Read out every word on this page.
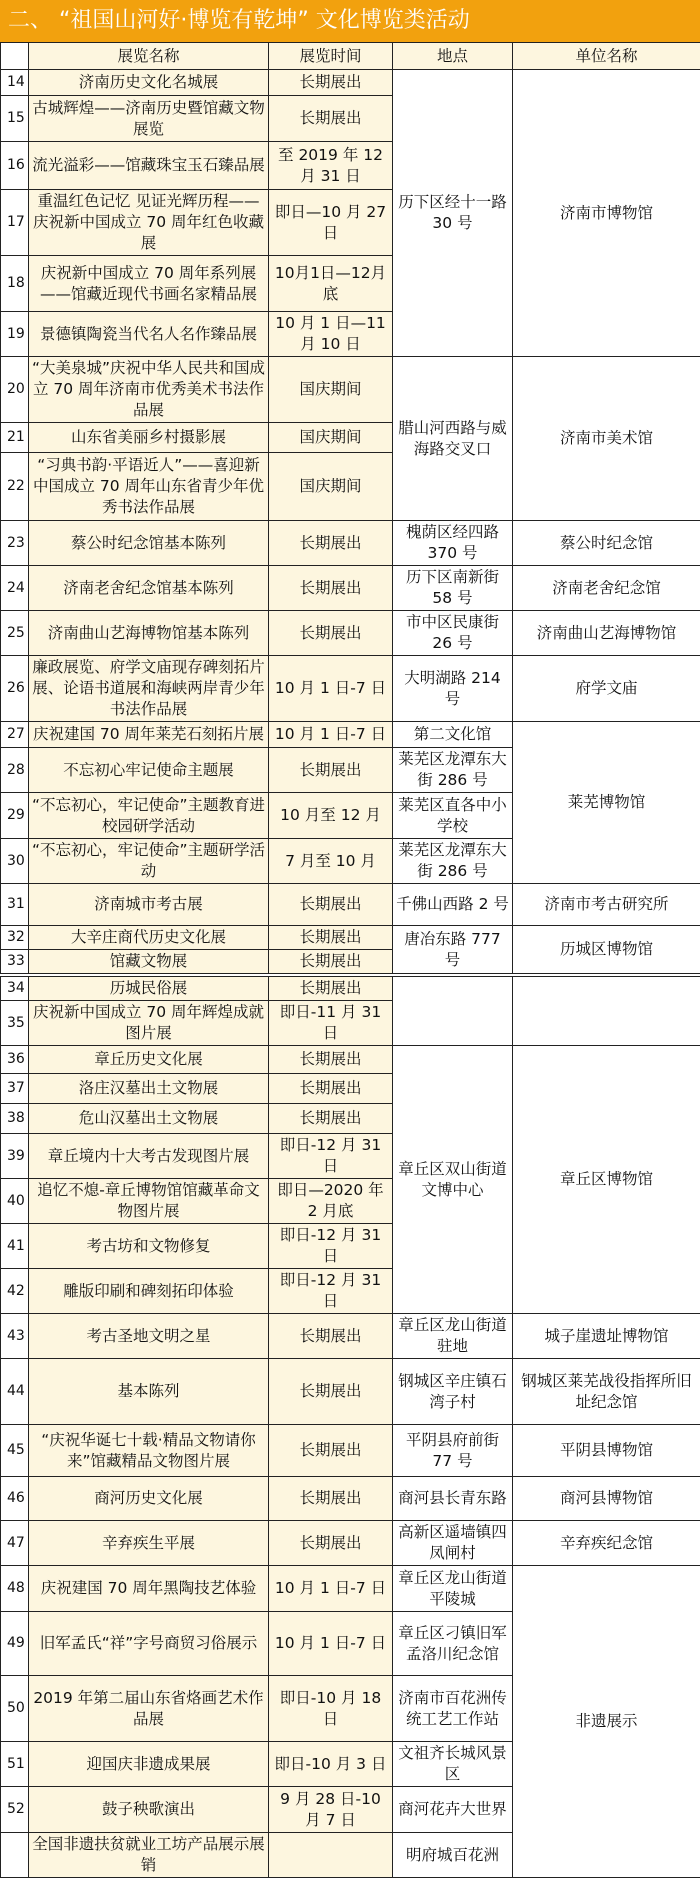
二、 “祖国山河好·博览有乾坤” 文化博览类活动
	展览名称	展览时间	地点	单位名称
14	济南历史文化名城展	长期展出	历下区经十一路 30 号	济南市博物馆
15	古城辉煌——济南历史暨馆藏文物展览	长期展出		
16	流光溢彩——馆藏珠宝玉石臻品展	至 2019 年 12 月 31 日		
17	重温红色记忆 见证光辉历程——庆祝新中国成立 70 周年红色收藏展	即日—10 月 27 日		
18	庆祝新中国成立 70 周年系列展——馆藏近现代书画名家精品展	10月1日—12月底		
19	景德镇陶瓷当代名人名作臻品展	10 月 1 日—11 月 10 日		
20	“大美泉城”庆祝中华人民共和国成立 70 周年济南市优秀美术书法作品展	国庆期间	腊山河西路与威海路交叉口	济南市美术馆
21	山东省美丽乡村摄影展	国庆期间		
22	“习典书韵·平语近人”——喜迎新中国成立 70 周年山东省青少年优秀书法作品展	国庆期间		
23	蔡公时纪念馆基本陈列	长期展出	槐荫区经四路 370 号	蔡公时纪念馆
24	济南老舍纪念馆基本陈列	长期展出	历下区南新街 58 号	济南老舍纪念馆
25	济南曲山艺海博物馆基本陈列	长期展出	市中区民康街 26 号	济南曲山艺海博物馆
26	廉政展览、府学文庙现存碑刻拓片展、论语书道展和海峡两岸青少年书法作品展	10 月 1 日-7 日	大明湖路 214 号	府学文庙
27	庆祝建国 70 周年莱芜石刻拓片展	10 月 1 日-7 日	第二文化馆	莱芜博物馆
28	不忘初心牢记使命主题展	长期展出	莱芜区龙潭东大街 286 号	
29	“不忘初心，牢记使命”主题教育进校园研学活动	10 月至 12 月	莱芜区直各中小学校	
30	“不忘初心，牢记使命”主题研学活动	7 月至 10 月	莱芜区龙潭东大街 286 号	
31	济南城市考古展	长期展出	千佛山西路 2 号	济南市考古研究所
32	大辛庄商代历史文化展	长期展出	唐冶东路 777 号	历城区博物馆
33	馆藏文物展	长期展出		

34	历城民俗展	长期展出		
35	庆祝新中国成立 70 周年辉煌成就图片展	即日-11 月 31 日		
36	章丘历史文化展	长期展出	章丘区双山街道文博中心	章丘区博物馆
37	洛庄汉墓出土文物展	长期展出		
38	危山汉墓出土文物展	长期展出		
39	章丘境内十大考古发现图片展	即日-12 月 31 日		
40	追忆不熄-章丘博物馆馆藏革命文物图片展	即日—2020 年 2 月底		
41	考古坊和文物修复	即日-12 月 31 日		
42	雕版印刷和碑刻拓印体验	即日-12 月 31 日		
43	考古圣地文明之星	长期展出	章丘区龙山街道驻地	城子崖遗址博物馆
44	基本陈列	长期展出	钢城区辛庄镇石湾子村	钢城区莱芜战役指挥所旧址纪念馆
45	“庆祝华诞七十载·精品文物请你来”馆藏精品文物图片展	长期展出	平阴县府前街 77 号	平阴县博物馆
46	商河历史文化展	长期展出	商河县长青东路	商河县博物馆
47	辛弃疾生平展	长期展出	高新区遥墙镇四凤闸村	辛弃疾纪念馆
48	庆祝建国 70 周年黑陶技艺体验	10 月 1 日-7 日	章丘区龙山街道平陵城	非遗展示
49	旧军孟氏“祥”字号商贸习俗展示	10 月 1 日-7 日	章丘区刁镇旧军孟洛川纪念馆	
50	2019 年第二届山东省烙画艺术作品展	即日-10 月 18 日	济南市百花洲传统工艺工作站	
51	迎国庆非遗成果展	即日-10 月 3 日	文祖齐长城风景区	
52	鼓子秧歌演出	9 月 28 日-10 月 7 日	商河花卉大世界	
	全国非遗扶贫就业工坊产品展示展销		明府城百花洲	
